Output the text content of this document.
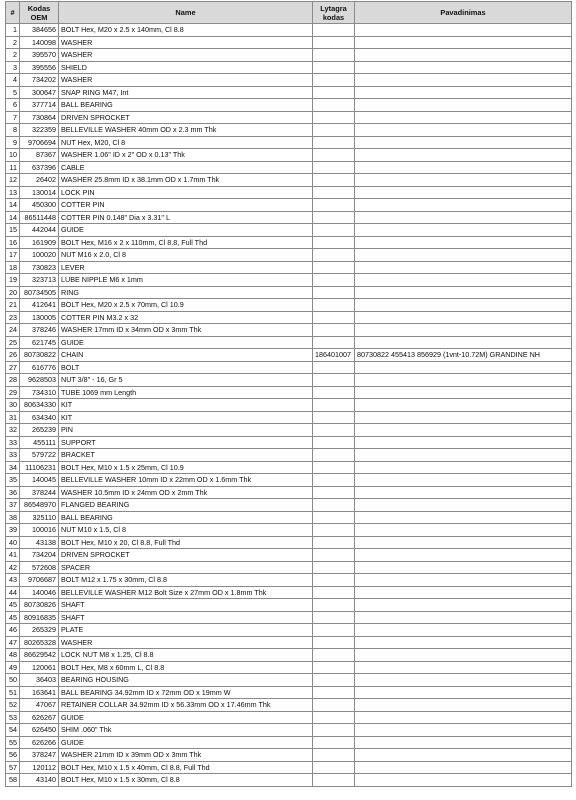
#	Kodas OEM	Name	Lytagra kodas	Pavadinimas
1	384656	BOLT Hex, M20 x 2.5 x 140mm, Cl 8.8		
2	140098	WASHER		
2	395570	WASHER		
3	395556	SHIELD		
4	734202	WASHER		
5	300647	SNAP RING M47, Int		
6	377714	BALL BEARING		
7	730864	DRIVEN SPROCKET		
8	322359	BELLEVILLE WASHER 40mm OD x 2.3 mm Thk		
9	9706694	NUT Hex, M20, Cl 8		
10	87367	WASHER 1.06" ID x 2" OD x 0.13" Thk		
11	637396	CABLE		
12	26402	WASHER 25.8mm ID x 38.1mm OD x 1.7mm Thk		
13	130014	LOCK PIN		
14	450300	COTTER PIN		
14	86511448	COTTER PIN 0.148" Dia x 3.31" L		
15	442044	GUIDE		
16	161909	BOLT Hex, M16 x 2 x 110mm, Cl 8.8, Full Thd		
17	100020	NUT M16 x 2.0, Cl 8		
18	730823	LEVER		
19	323713	LUBE NIPPLE M6 x 1mm		
20	80734505	RING		
21	412641	BOLT Hex, M20 x 2.5 x 70mm, Cl 10.9		
23	130005	COTTER PIN M3.2 x 32		
24	378246	WASHER 17mm ID x 34mm OD x 3mm Thk		
25	621745	GUIDE		
26	80730822	CHAIN	186401007	80730822 455413 856929 (1vnt-10.72M) GRANDINE NH
27	616776	BOLT		
28	9628503	NUT 3/8" - 16, Gr 5		
29	734310	TUBE 1069 mm Length		
30	80634330	KIT		
31	634340	KIT		
32	265239	PIN		
33	455111	SUPPORT		
33	579722	BRACKET		
34	11106231	BOLT Hex, M10 x 1.5 x 25mm, Cl 10.9		
35	140045	BELLEVILLE WASHER 10mm ID x 22mm OD x 1.6mm Thk		
36	378244	WASHER 10.5mm ID x 24mm OD x 2mm Thk		
37	86548970	FLANGED BEARING		
38	325110	BALL BEARING		
39	100016	NUT M10 x 1.5, Cl 8		
40	43138	BOLT Hex, M10 x 20, Cl 8.8, Full Thd		
41	734204	DRIVEN SPROCKET		
42	572608	SPACER		
43	9706687	BOLT M12 x 1.75 x 30mm, Cl 8.8		
44	140046	BELLEVILLE WASHER M12 Bolt Size x 27mm OD x 1.8mm Thk		
45	80730826	SHAFT		
45	80916835	SHAFT		
46	265329	PLATE		
47	80265328	WASHER		
48	86629542	LOCK NUT M8 x 1.25, Cl 8.8		
49	120061	BOLT Hex, M8 x 60mm L, Cl 8.8		
50	36403	BEARING HOUSING		
51	163641	BALL BEARING 34.92mm ID x 72mm OD x 19mm W		
52	47067	RETAINER COLLAR 34.92mm ID x 56.33mm OD x 17.46mm Thk		
53	626267	GUIDE		
54	626450	SHIM .060" Thk		
55	626266	GUIDE		
56	378247	WASHER 21mm ID x 39mm OD x 3mm Thk		
57	120112	BOLT Hex, M10 x 1.5 x 40mm, Cl 8.8, Full Thd		
58	43140	BOLT Hex, M10 x 1.5 x 30mm, Cl 8.8		
